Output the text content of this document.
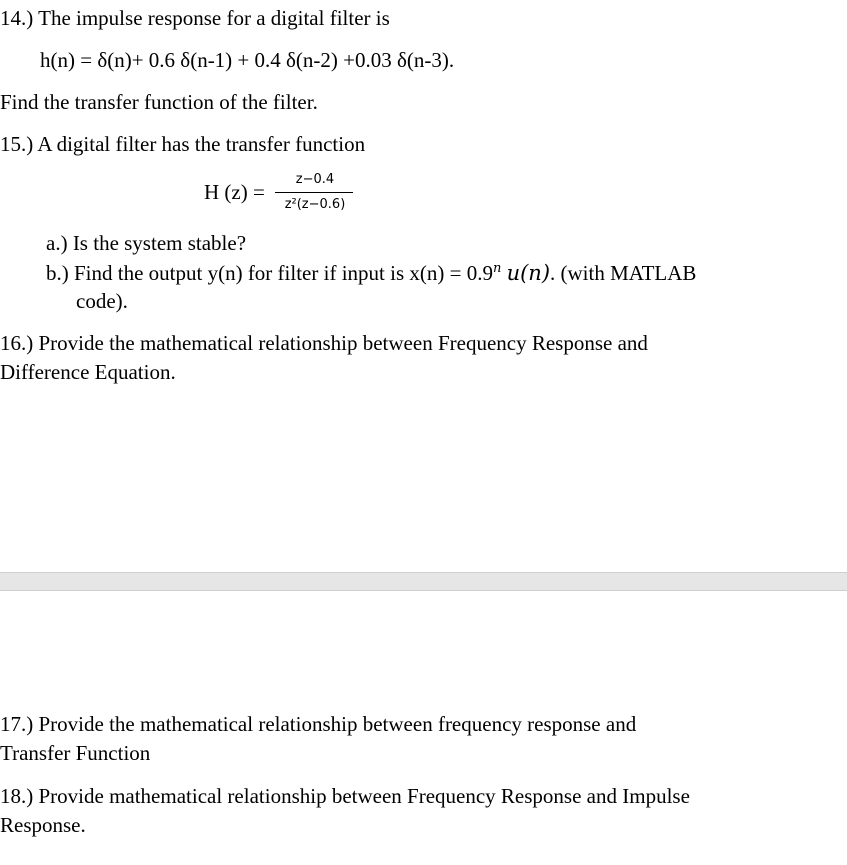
14.) The impulse response for a digital filter is
h(n) = δ(n)+ 0.6 δ(n-1) + 0.4 δ(n-2) +0.03 δ(n-3).
Find the transfer function of the filter.
15.) A digital filter has the transfer function
H (z) =
z−0.4
z²(z−0.6)
a.) Is the system stable?
b.) Find the output y(n) for filter if input is $x(n) = 0.9^n$ u(n). (with MATLAB
code).
16.) Provide the mathematical relationship between Frequency Response and
Difference Equation.
17.) Provide the mathematical relationship between frequency response and
Transfer Function
18.) Provide mathematical relationship between Frequency Response and Impulse
Response.
